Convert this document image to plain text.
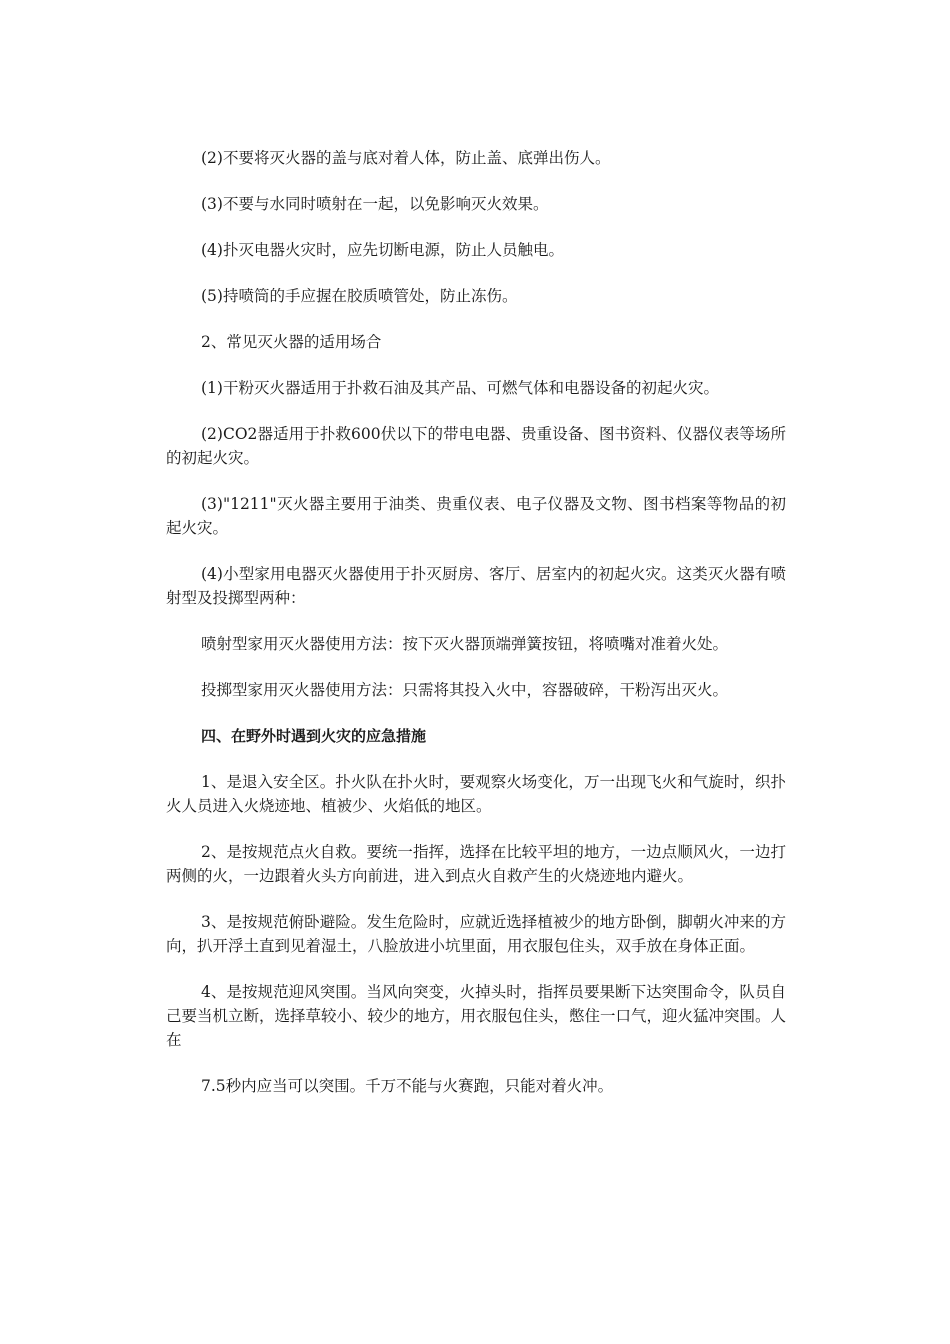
(2)不要将灭火器的盖与底对着人体，防止盖、底弹出伤人。

(3)不要与水同时喷射在一起，以免影响灭火效果。

(4)扑灭电器火灾时，应先切断电源，防止人员触电。

(5)持喷筒的手应握在胶质喷管处，防止冻伤。

2、常见灭火器的适用场合

(1)干粉灭火器适用于扑救石油及其产品、可燃气体和电器设备的初起火灾。

(2)CO2器适用于扑救600伏以下的带电电器、贵重设备、图书资料、仪器仪表等场所的初起火灾。

(3)"1211"灭火器主要用于油类、贵重仪表、电子仪器及文物、图书档案等物品的初起火灾。

(4)小型家用电器灭火器使用于扑灭厨房、客厅、居室内的初起火灾。这类灭火器有喷射型及投掷型两种：

喷射型家用灭火器使用方法：按下灭火器顶端弹簧按钮，将喷嘴对准着火处。

投掷型家用灭火器使用方法：只需将其投入火中，容器破碎，干粉泻出灭火。

四、在野外时遇到火灾的应急措施

1、是退入安全区。扑火队在扑火时，要观察火场变化，万一出现飞火和气旋时，织扑火人员进入火烧迹地、植被少、火焰低的地区。

2、是按规范点火自救。要统一指挥，选择在比较平坦的地方，一边点顺风火，一边打两侧的火，一边跟着火头方向前进，进入到点火自救产生的火烧迹地内避火。

3、是按规范俯卧避险。发生危险时，应就近选择植被少的地方卧倒，脚朝火冲来的方向，扒开浮土直到见着湿土，八脸放进小坑里面，用衣服包住头，双手放在身体正面。

4、是按规范迎风突围。当风向突变，火掉头时，指挥员要果断下达突围命令，队员自己要当机立断，选择草较小、较少的地方，用衣服包住头，憋住一口气，迎火猛冲突围。人在

7.5秒内应当可以突围。千万不能与火赛跑，只能对着火冲。
